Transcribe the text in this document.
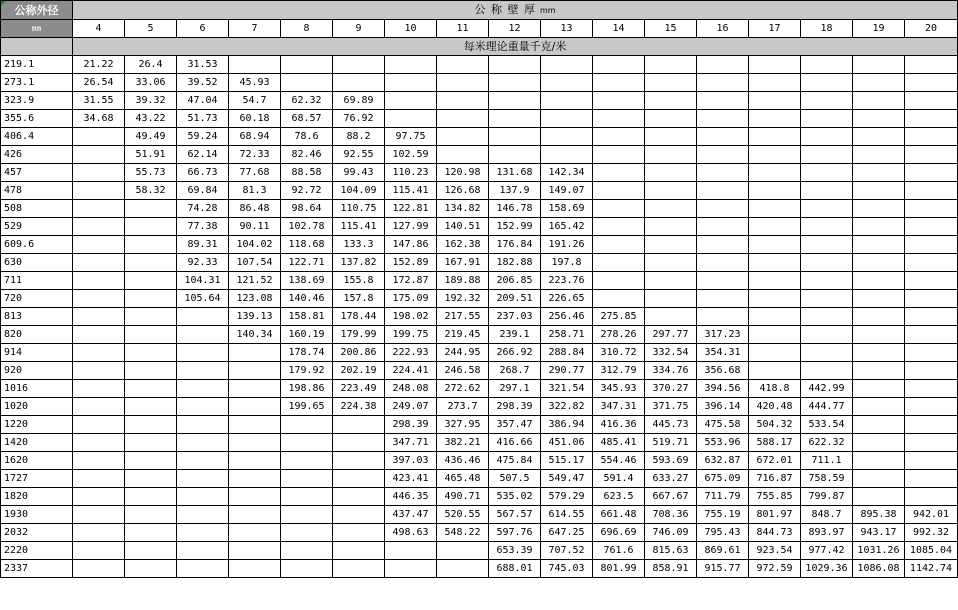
公称外径	公 称 壁 厚 mm																
mm	4	5	6	7	8	9	10	11	12	13	14	15	16	17	18	19	20
	每米理论重量千克/米																
219.1	21.22	26.4	31.53														
273.1	26.54	33.06	39.52	45.93													
323.9	31.55	39.32	47.04	54.7	62.32	69.89											
355.6	34.68	43.22	51.73	60.18	68.57	76.92											
406.4		49.49	59.24	68.94	78.6	88.2	97.75										
426		51.91	62.14	72.33	82.46	92.55	102.59										
457		55.73	66.73	77.68	88.58	99.43	110.23	120.98	131.68	142.34							
478		58.32	69.84	81.3	92.72	104.09	115.41	126.68	137.9	149.07							
508			74.28	86.48	98.64	110.75	122.81	134.82	146.78	158.69							
529			77.38	90.11	102.78	115.41	127.99	140.51	152.99	165.42							
609.6			89.31	104.02	118.68	133.3	147.86	162.38	176.84	191.26							
630			92.33	107.54	122.71	137.82	152.89	167.91	182.88	197.8							
711			104.31	121.52	138.69	155.8	172.87	189.88	206.85	223.76							
720			105.64	123.08	140.46	157.8	175.09	192.32	209.51	226.65							
813				139.13	158.81	178.44	198.02	217.55	237.03	256.46	275.85						
820				140.34	160.19	179.99	199.75	219.45	239.1	258.71	278.26	297.77	317.23				
914					178.74	200.86	222.93	244.95	266.92	288.84	310.72	332.54	354.31				
920					179.92	202.19	224.41	246.58	268.7	290.77	312.79	334.76	356.68				
1016					198.86	223.49	248.08	272.62	297.1	321.54	345.93	370.27	394.56	418.8	442.99		
1020					199.65	224.38	249.07	273.7	298.39	322.82	347.31	371.75	396.14	420.48	444.77		
1220							298.39	327.95	357.47	386.94	416.36	445.73	475.58	504.32	533.54		
1420							347.71	382.21	416.66	451.06	485.41	519.71	553.96	588.17	622.32		
1620							397.03	436.46	475.84	515.17	554.46	593.69	632.87	672.01	711.1		
1727							423.41	465.48	507.5	549.47	591.4	633.27	675.09	716.87	758.59		
1820							446.35	490.71	535.02	579.29	623.5	667.67	711.79	755.85	799.87		
1930							437.47	520.55	567.57	614.55	661.48	708.36	755.19	801.97	848.7	895.38	942.01
2032							498.63	548.22	597.76	647.25	696.69	746.09	795.43	844.73	893.97	943.17	992.32
2220									653.39	707.52	761.6	815.63	869.61	923.54	977.42	1031.26	1085.04
2337									688.01	745.03	801.99	858.91	915.77	972.59	1029.36	1086.08	1142.74
